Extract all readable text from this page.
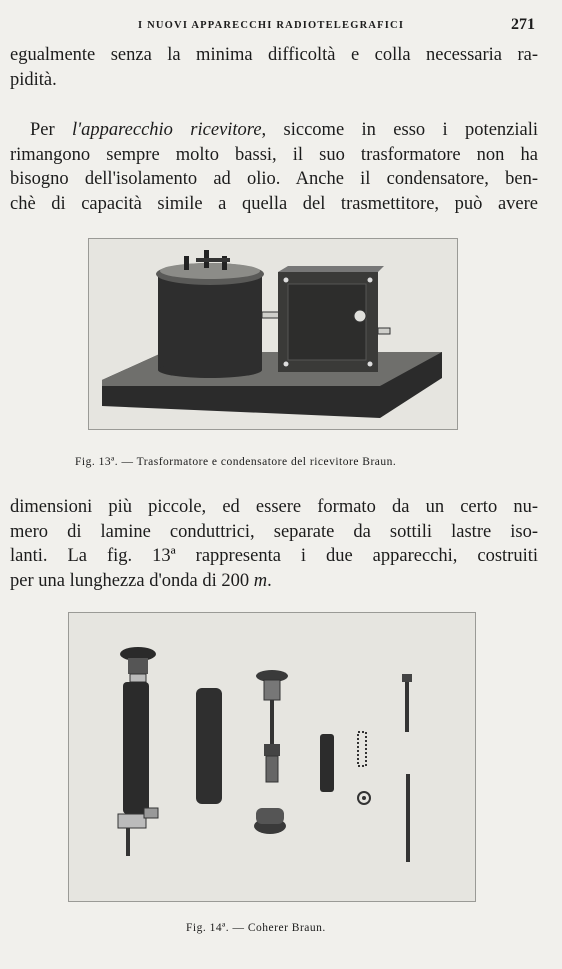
I NUOVI APPARECCHI RADIOTELEGRAFICI	271

egualmente senza la minima difficoltà e colla necessaria ra-
pidità.

Per l'apparecchio ricevitore, siccome in esso i potenziali
rimangono sempre molto bassi, il suo trasformatore non ha
bisogno dell'isolamento ad olio. Anche il condensatore, ben-
chè di capacità simile a quella del trasmettitore, può avere

Fig. 13ª. — Trasformatore e condensatore del ricevitore Braun.

dimensioni più piccole, ed essere formato da un certo nu-
mero di lamine conduttrici, separate da sottili lastre iso-
lanti. La fig. 13ª rappresenta i due apparecchi, costruiti
per una lunghezza d'onda di 200 m.

Fig. 14ª. — Coherer Braun.
